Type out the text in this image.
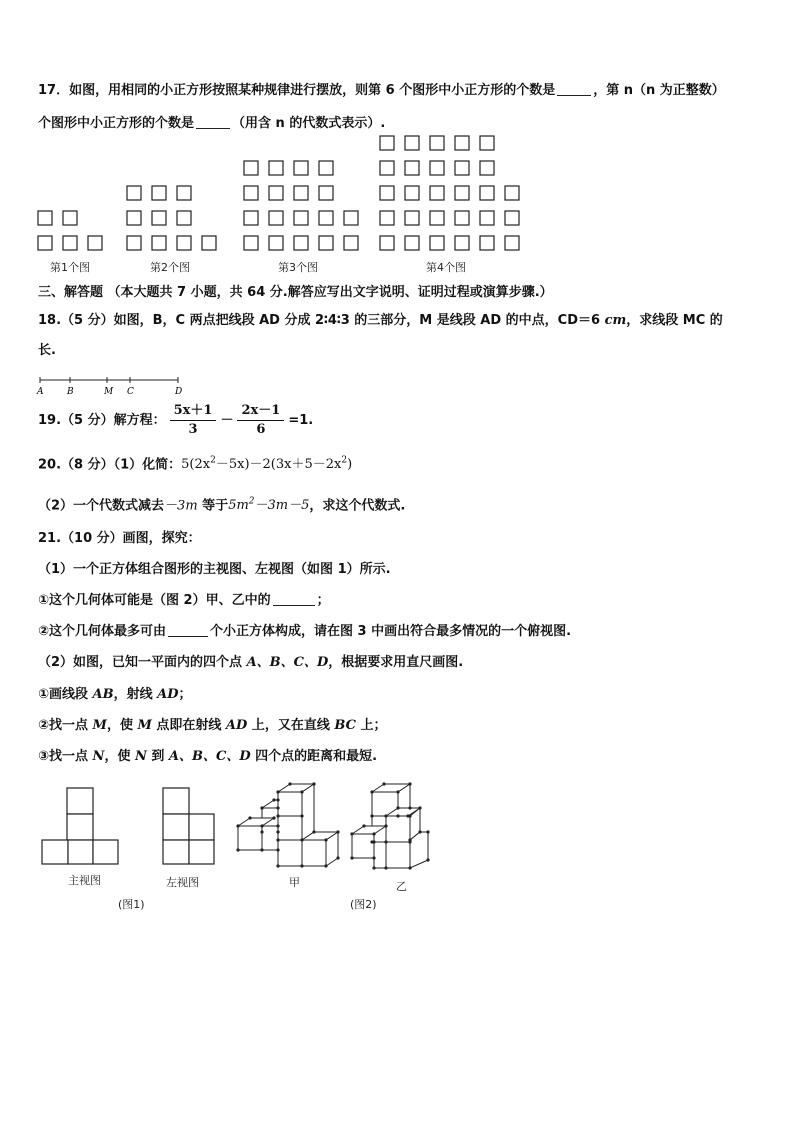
17．如图，用相同的小正方形按照某种规律进行摆放，则第 6 个图形中小正方形的个数是	，第 n（n 为正整数）
个图形中小正方形的个数是	（用含 n 的代数式表示）.
第1个图	第2个图	第3个图	第4个图
三、解答题 （本大题共 7 小题，共 64 分.解答应写出文字说明、证明过程或演算步骤.）
18.（5 分）如图，B，C 两点把线段 AD 分成 2∶4∶3 的三部分，M 是线段 AD 的中点，CD＝6 cm，求线段 MC 的
长.
A	B	M C	D
19.（5 分）解方程： $\frac{5x+1}{3} - \frac{2x-1}{6} =1$.
20.（8 分）（1）化简：$5(2x^2-5x)-2(3x+5-2x^2)$
（2）一个代数式减去－3m 等于$5m^2-3m-5$，求这个代数式.
21.（10 分）画图，探究：
（1）一个正方体组合图形的主视图、左视图（如图 1）所示.
①这个几何体可能是（图 2）甲、乙中的	；
②这个几何体最多可由	个小正方体构成，请在图 3 中画出符合最多情况的一个俯视图.
（2）如图，已知一平面内的四个点 A、B、C、D，根据要求用直尺画图.
①画线段 AB，射线 AD；
②找一点 M，使 M 点即在射线 AD 上，又在直线 BC 上；
③找一点 N，使 N 到 A、B、C、D 四个点的距离和最短.
主视图	左视图	甲	乙
(图1)	(图2)
